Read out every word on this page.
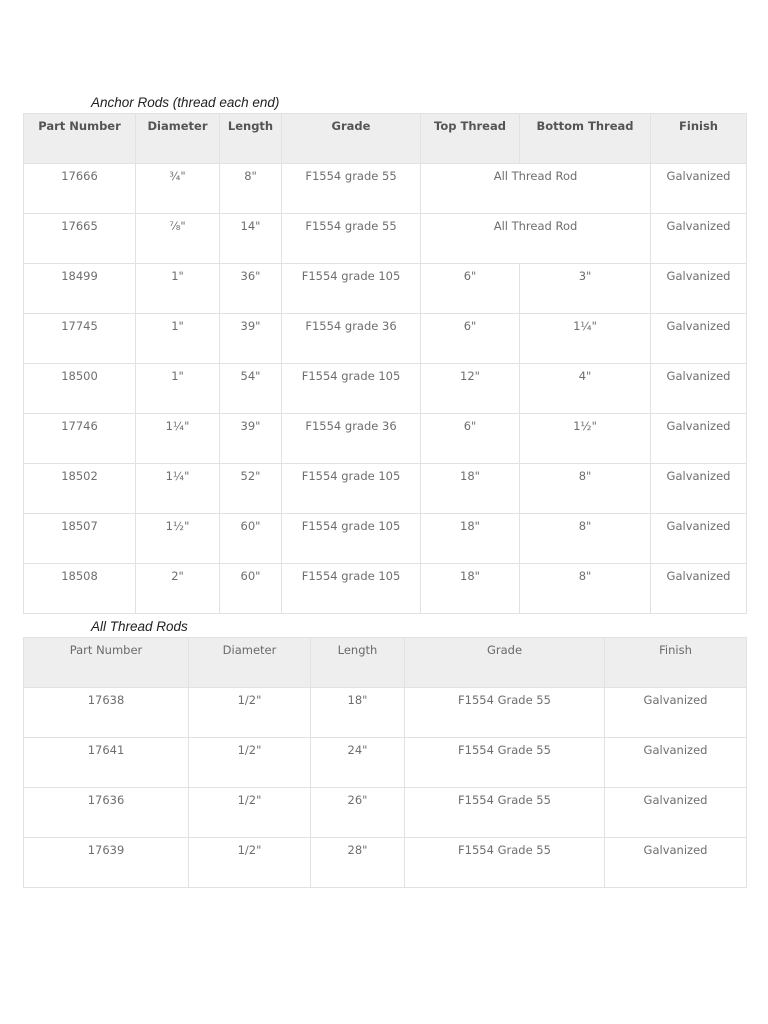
Anchor Rods (thread each end)
Part Number	Diameter	Length	Grade	Top Thread	Bottom Thread	Finish
17666	¾"	8"	F1554 grade 55	All Thread Rod		Galvanized
17665	⅞"	14"	F1554 grade 55	All Thread Rod		Galvanized
18499	1"	36"	F1554 grade 105	6"	3"	Galvanized
17745	1"	39"	F1554 grade 36	6"	1¼"	Galvanized
18500	1"	54"	F1554 grade 105	12"	4"	Galvanized
17746	1¼"	39"	F1554 grade 36	6"	1½"	Galvanized
18502	1¼"	52"	F1554 grade 105	18"	8"	Galvanized
18507	1½"	60"	F1554 grade 105	18"	8"	Galvanized
18508	2"	60"	F1554 grade 105	18"	8"	Galvanized
All Thread Rods
Part Number	Diameter	Length	Grade	Finish
17638	1/2"	18"	F1554 Grade 55	Galvanized
17641	1/2"	24"	F1554 Grade 55	Galvanized
17636	1/2"	26"	F1554 Grade 55	Galvanized
17639	1/2"	28"	F1554 Grade 55	Galvanized
